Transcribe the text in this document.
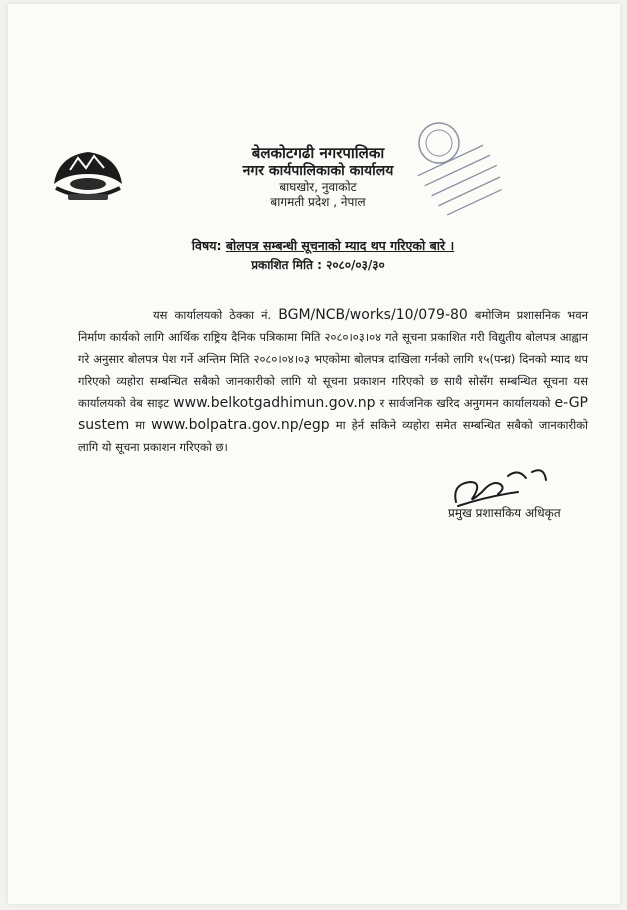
बेलकोटगढी नगरपालिका
नगर कार्यपालिकाको कार्यालय
बाघखोर, नुवाकोट
बागमती प्रदेश , नेपाल
विषय: बोलपत्र सम्बन्धी सूचनाको म्याद थप गरिएको बारे ।
प्रकाशित मिति : २०८०/०३/३०
यस कार्यालयको ठेक्का नं. BGM/NCB/works/10/079-80 बमोजिम प्रशासनिक भवन निर्माण कार्यको लागि आर्थिक राष्ट्रिय दैनिक पत्रिकामा मिति २०८०।०३।०४ गते सूचना प्रकाशित गरी विद्युतीय बोलपत्र आह्वान गरे अनुसार बोलपत्र पेश गर्ने अन्तिम मिति २०८०।०४।०३ भएकोमा बोलपत्र दाखिला गर्नको लागि १५(पन्ध्र) दिनको म्याद थप गरिएको व्यहोरा सम्बन्धित सबैको जानकारीको लागि यो सूचना प्रकाशन गरिएको छ साथै सोसँग सम्बन्धित सूचना यस कार्यालयको वेब साइट www.belkotgadhimun.gov.np र सार्वजनिक खरिद अनुगमन कार्यालयको e-GP sustem मा www.bolpatra.gov.np/egp मा हेर्न सकिने व्यहोरा समेत सम्बन्धित सबैको जानकारीको लागि यो सूचना प्रकाशन गरिएको छ।
प्रमुख प्रशासकिय अधिकृत
